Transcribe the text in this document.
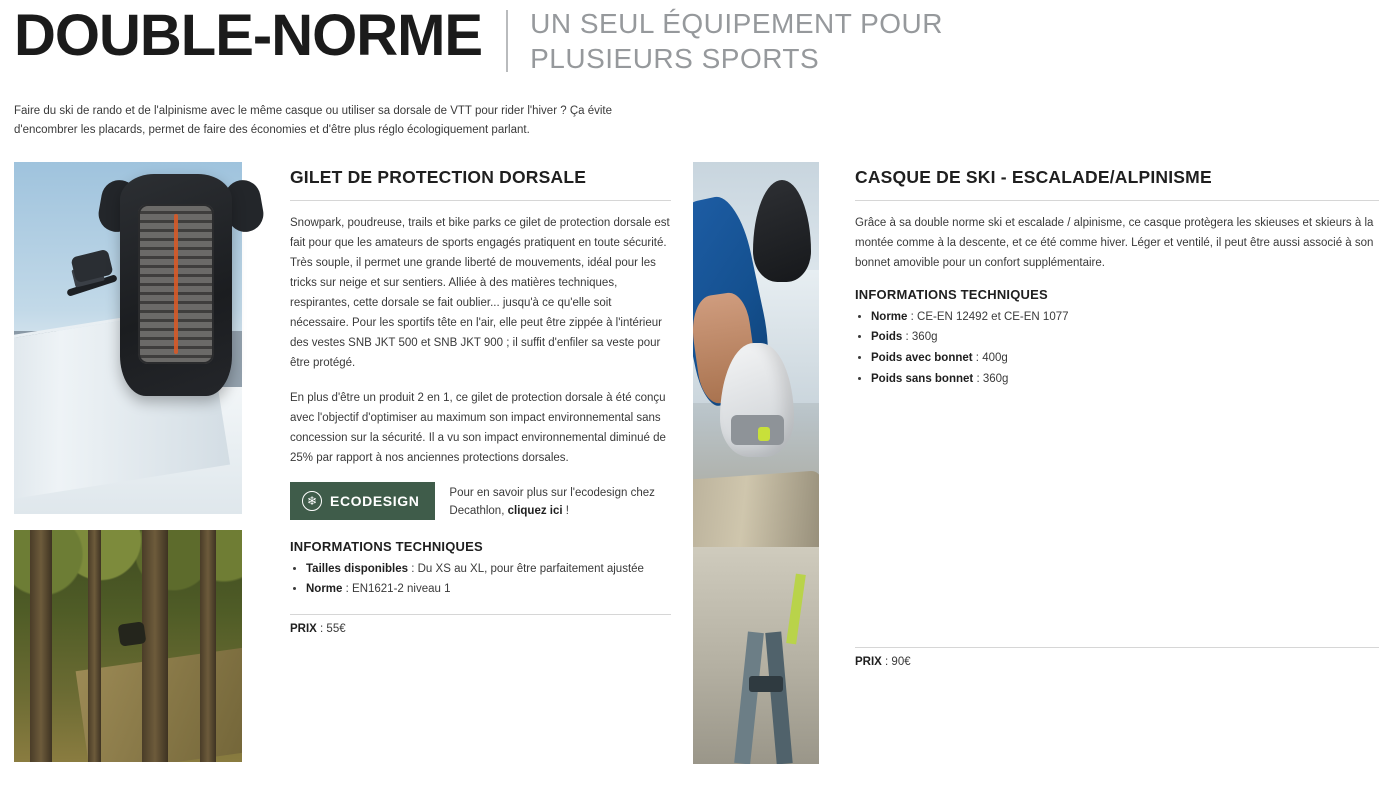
DOUBLE-NORME UN SEUL ÉQUIPEMENT POUR PLUSIEURS SPORTS
Faire du ski de rando et de l'alpinisme avec le même casque ou utiliser sa dorsale de VTT pour rider l'hiver ? Ça évite d'encombrer les placards, permet de faire des économies et d'être plus réglo écologiquement parlant.
GILET DE PROTECTION DORSALE

Snowpark, poudreuse, trails et bike parks ce gilet de protection dorsale est fait pour que les amateurs de sports engagés pratiquent en toute sécurité. Très souple, il permet une grande liberté de mouvements, idéal pour les tricks sur neige et sur sentiers. Alliée à des matières techniques, respirantes, cette dorsale se fait oublier... jusqu'à ce qu'elle soit nécessaire. Pour les sportifs tête en l'air, elle peut être zippée à l'intérieur des vestes SNB JKT 500 et SNB JKT 900 ; il suffit d'enfiler sa veste pour être protégé.

En plus d'être un produit 2 en 1, ce gilet de protection dorsale à été conçu avec l'objectif d'optimiser au maximum son impact environnemental sans concession sur la sécurité. Il a vu son impact environnemental diminué de 25% par rapport à nos anciennes protections dorsales.

❄ ECODESIGN	Pour en savoir plus sur l'ecodesign chez Decathlon, cliquez ici !
INFORMATIONS TECHNIQUES
• Tailles disponibles : Du XS au XL, pour être parfaitement ajustée
• Norme : EN1621-2 niveau 1
PRIX : 55€
CASQUE DE SKI - ESCALADE/ALPINISME

Grâce à sa double norme ski et escalade / alpinisme, ce casque protègera les skieuses et skieurs à la montée comme à la descente, et ce été comme hiver. Léger et ventilé, il peut être aussi associé à son bonnet amovible pour un confort supplémentaire.

INFORMATIONS TECHNIQUES
• Norme : CE-EN 12492 et CE-EN 1077
• Poids : 360g
• Poids avec bonnet : 400g
• Poids sans bonnet : 360g
PRIX : 90€
